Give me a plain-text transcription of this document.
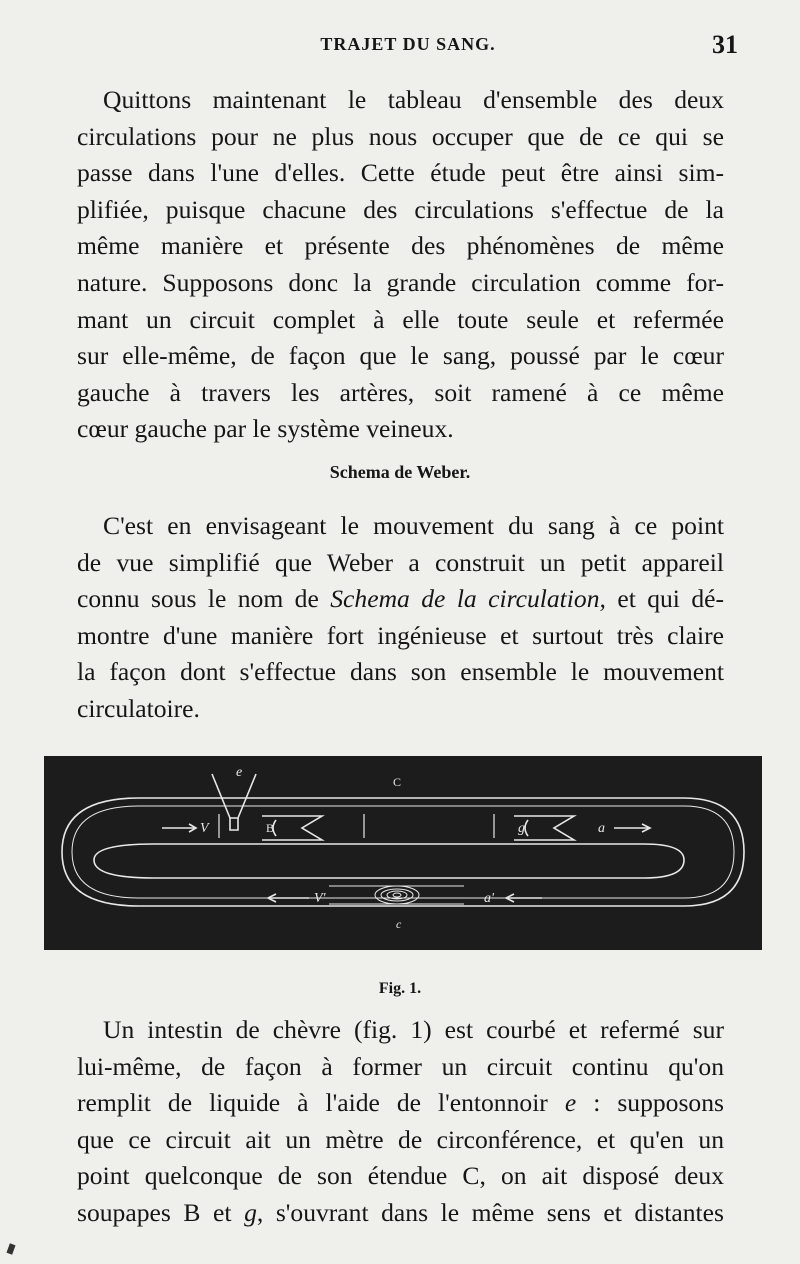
TRAJET DU SANG.	31
Quittons maintenant le tableau d'ensemble des deux
circulations pour ne plus nous occuper que de ce qui se
passe dans l'une d'elles. Cette étude peut être ainsi sim-
plifiée, puisque chacune des circulations s'effectue de la
même manière et présente des phénomènes de même
nature. Supposons donc la grande circulation comme for-
mant un circuit complet à elle toute seule et refermée
sur elle-même, de façon que le sang, poussé par le cœur
gauche à travers les artères, soit ramené à ce même
cœur gauche par le système veineux.
Schema de Weber.
C'est en envisageant le mouvement du sang à ce point
de vue simplifié que Weber a construit un petit appareil
connu sous le nom de Schema de la circulation, et qui dé-
montre d'une manière fort ingénieuse et surtout très claire
la façon dont s'effectue dans son ensemble le mouvement
circulatoire.
e
C
c
B	g
V	a
V'	a'
Fig. 1.
Un intestin de chèvre (fig. 1) est courbé et refermé sur
lui-même, de façon à former un circuit continu qu'on
remplit de liquide à l'aide de l'entonnoir e : supposons
que ce circuit ait un mètre de circonférence, et qu'en un
point quelconque de son étendue C, on ait disposé deux
soupapes B et g, s'ouvrant dans le même sens et distantes
